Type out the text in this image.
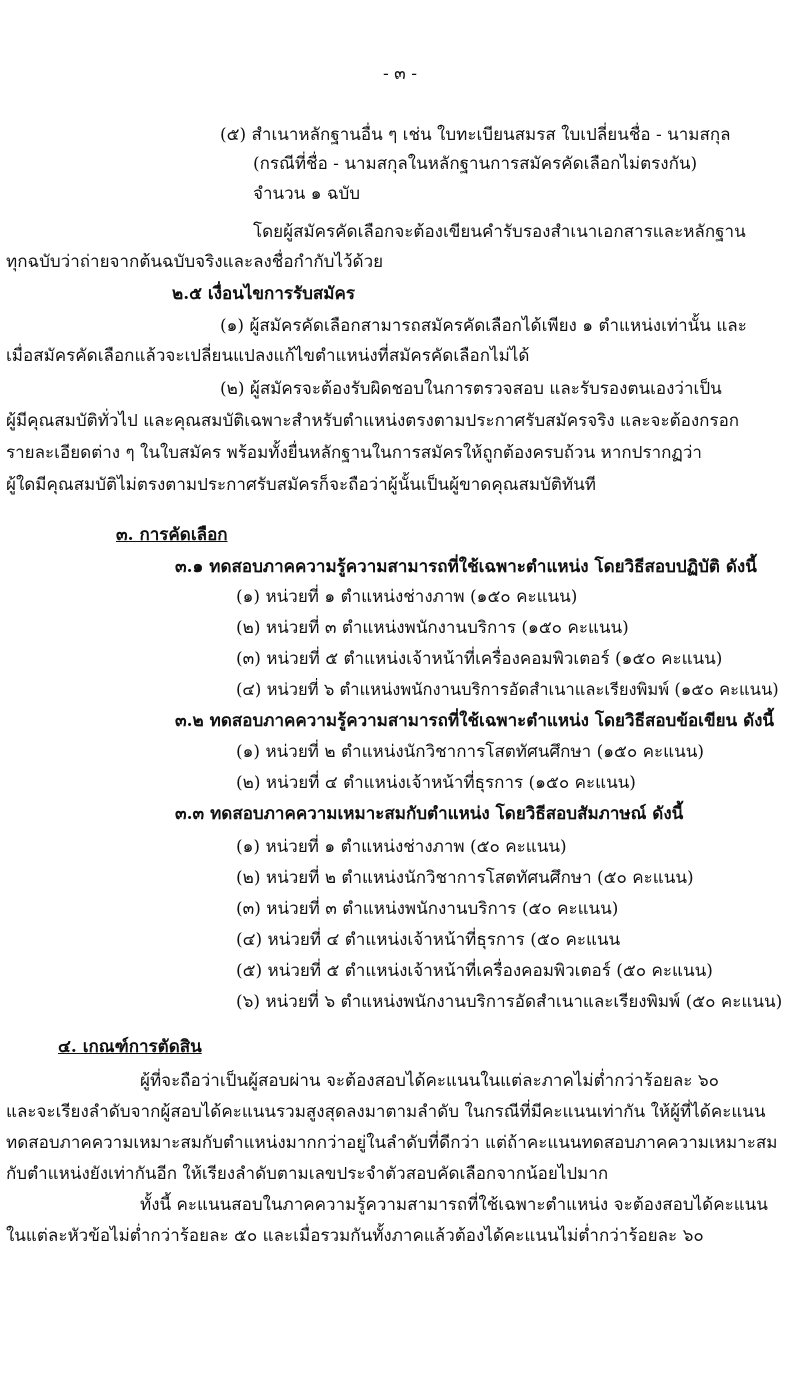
- ๓ -
(๕) สำเนาหลักฐานอื่น ๆ เช่น ใบทะเบียนสมรส ใบเปลี่ยนชื่อ - นามสกุล
(กรณีที่ชื่อ - นามสกุลในหลักฐานการสมัครคัดเลือกไม่ตรงกัน)
จำนวน ๑ ฉบับ
โดยผู้สมัครคัดเลือกจะต้องเขียนคำรับรองสำเนาเอกสารและหลักฐาน
ทุกฉบับว่าถ่ายจากต้นฉบับจริงและลงชื่อกำกับไว้ด้วย
๒.๕ เงื่อนไขการรับสมัคร
(๑) ผู้สมัครคัดเลือกสามารถสมัครคัดเลือกได้เพียง ๑ ตำแหน่งเท่านั้น และ
เมื่อสมัครคัดเลือกแล้วจะเปลี่ยนแปลงแก้ไขตำแหน่งที่สมัครคัดเลือกไม่ได้
(๒) ผู้สมัครจะต้องรับผิดชอบในการตรวจสอบ และรับรองตนเองว่าเป็น
ผู้มีคุณสมบัติทั่วไป และคุณสมบัติเฉพาะสำหรับตำแหน่งตรงตามประกาศรับสมัครจริง และจะต้องกรอก
รายละเอียดต่าง ๆ ในใบสมัคร พร้อมทั้งยื่นหลักฐานในการสมัครให้ถูกต้องครบถ้วน หากปรากฏว่า
ผู้ใดมีคุณสมบัติไม่ตรงตามประกาศรับสมัครก็จะถือว่าผู้นั้นเป็นผู้ขาดคุณสมบัติทันที
๓. การคัดเลือก
๓.๑ ทดสอบภาคความรู้ความสามารถที่ใช้เฉพาะตำแหน่ง โดยวิธีสอบปฏิบัติ ดังนี้
(๑) หน่วยที่ ๑ ตำแหน่งช่างภาพ (๑๕๐ คะแนน)
(๒) หน่วยที่ ๓ ตำแหน่งพนักงานบริการ (๑๕๐ คะแนน)
(๓) หน่วยที่ ๕ ตำแหน่งเจ้าหน้าที่เครื่องคอมพิวเตอร์ (๑๕๐ คะแนน)
(๔) หน่วยที่ ๖ ตำแหน่งพนักงานบริการอัดสำเนาและเรียงพิมพ์ (๑๕๐ คะแนน)
๓.๒ ทดสอบภาคความรู้ความสามารถที่ใช้เฉพาะตำแหน่ง โดยวิธีสอบข้อเขียน ดังนี้
(๑) หน่วยที่ ๒ ตำแหน่งนักวิชาการโสตทัศนศึกษา (๑๕๐ คะแนน)
(๒) หน่วยที่ ๔ ตำแหน่งเจ้าหน้าที่ธุรการ (๑๕๐ คะแนน)
๓.๓ ทดสอบภาคความเหมาะสมกับตำแหน่ง โดยวิธีสอบสัมภาษณ์ ดังนี้
(๑) หน่วยที่ ๑ ตำแหน่งช่างภาพ (๕๐ คะแนน)
(๒) หน่วยที่ ๒ ตำแหน่งนักวิชาการโสตทัศนศึกษา (๕๐ คะแนน)
(๓) หน่วยที่ ๓ ตำแหน่งพนักงานบริการ (๕๐ คะแนน)
(๔) หน่วยที่ ๔ ตำแหน่งเจ้าหน้าที่ธุรการ (๕๐ คะแนน
(๕) หน่วยที่ ๕ ตำแหน่งเจ้าหน้าที่เครื่องคอมพิวเตอร์ (๕๐ คะแนน)
(๖) หน่วยที่ ๖ ตำแหน่งพนักงานบริการอัดสำเนาและเรียงพิมพ์ (๕๐ คะแนน)
๔. เกณฑ์การตัดสิน
ผู้ที่จะถือว่าเป็นผู้สอบผ่าน จะต้องสอบได้คะแนนในแต่ละภาคไม่ต่ำกว่าร้อยละ ๖๐
และจะเรียงลำดับจากผู้สอบได้คะแนนรวมสูงสุดลงมาตามลำดับ ในกรณีที่มีคะแนนเท่ากัน ให้ผู้ที่ได้คะแนน
ทดสอบภาคความเหมาะสมกับตำแหน่งมากกว่าอยู่ในลำดับที่ดีกว่า แต่ถ้าคะแนนทดสอบภาคความเหมาะสม
กับตำแหน่งยังเท่ากันอีก ให้เรียงลำดับตามเลขประจำตัวสอบคัดเลือกจากน้อยไปมาก
ทั้งนี้ คะแนนสอบในภาคความรู้ความสามารถที่ใช้เฉพาะตำแหน่ง จะต้องสอบได้คะแนน
ในแต่ละหัวข้อไม่ต่ำกว่าร้อยละ ๕๐ และเมื่อรวมกันทั้งภาคแล้วต้องได้คะแนนไม่ต่ำกว่าร้อยละ ๖๐
